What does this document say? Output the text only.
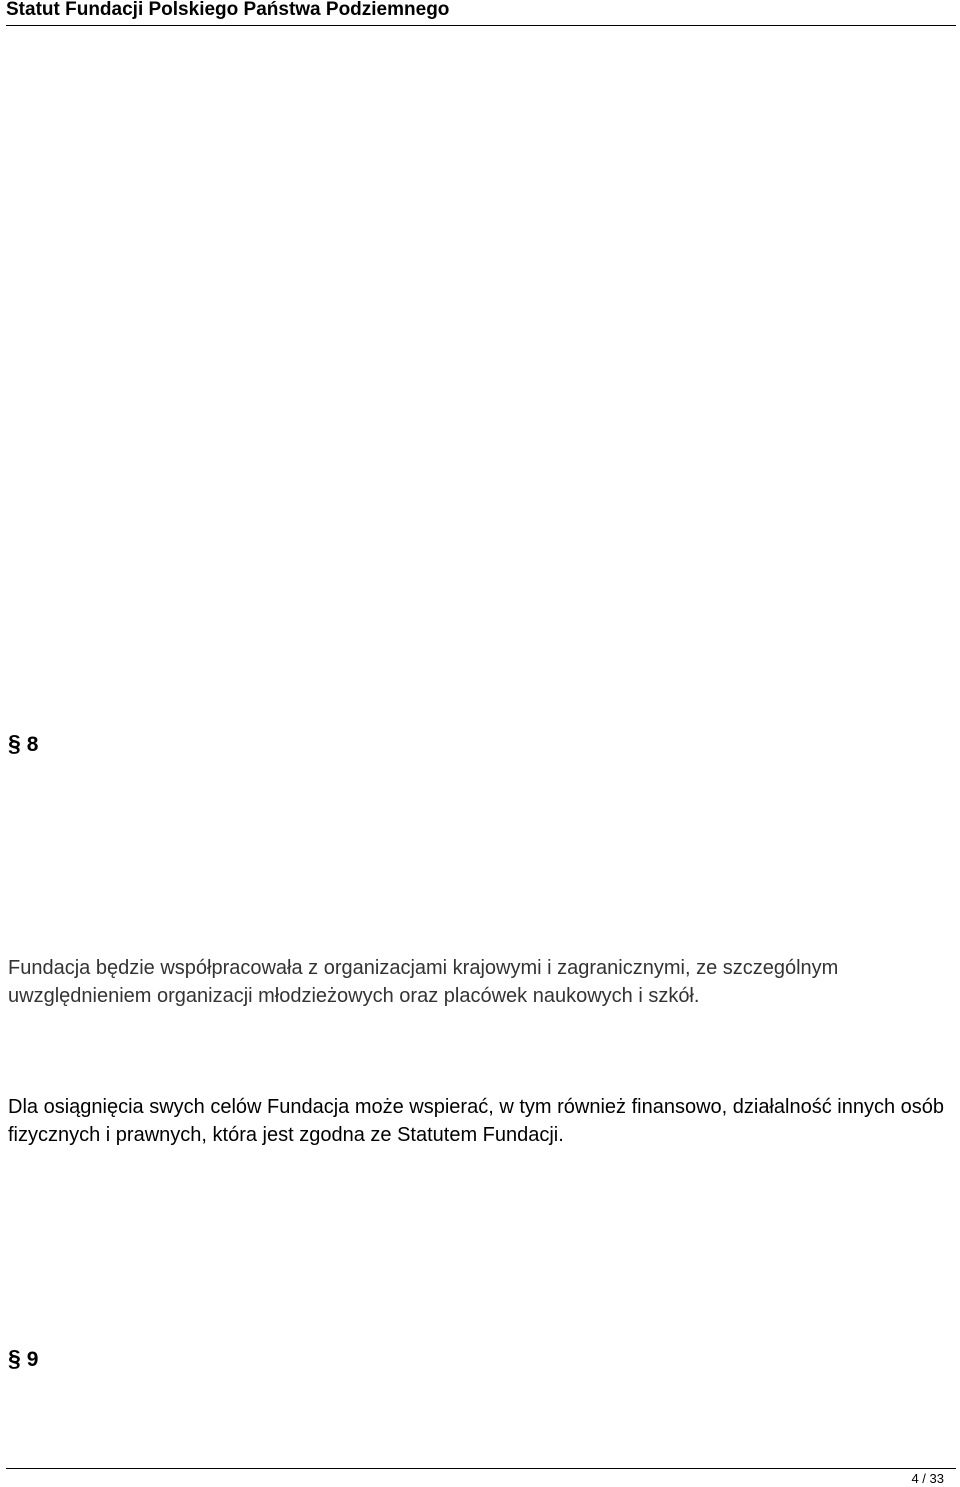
Statut Fundacji Polskiego Państwa Podziemnego
§ 8

Fundacja będzie współpracowała z organizacjami krajowymi i zagranicznymi, ze szczególnym uwzględnieniem organizacji młodzieżowych oraz placówek naukowych i szkół.

Dla osiągnięcia swych celów Fundacja może wspierać, w tym również finansowo, działalność innych osób fizycznych i prawnych, która jest zgodna ze Statutem Fundacji.

§ 9
4 / 33
